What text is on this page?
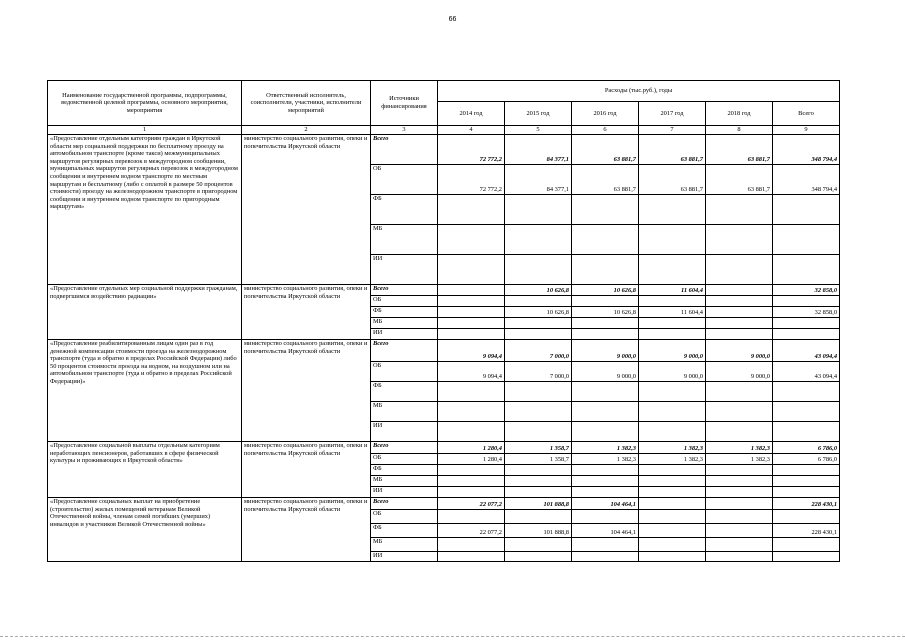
66
Наименование государственной программы, подпрограммы, ведомственной целевой программы, основного мероприятия, мероприятия	Ответственный исполнитель, соисполнители, участники, исполнители мероприятий	Источники финансирования	Расходы (тыс.руб.), годы					
			2014 год	2015 год	2016 год	2017 год	2018 год	Всего
1	2	3	4	5	6	7	8	9
«Предоставление отдельным категориям граждан в Иркутской области мер социальной поддержки по бесплатному проезду на автомобильном транспорте (кроме такси) межмуниципальных маршрутов регулярных перевозок в междугородном сообщении, муниципальных маршрутов регулярных перевозок в междугородном сообщении и внутреннем водном транспорте по местным маршрутам и бесплатному (либо с оплатой в размере 50 процентов стоимости) проезду на железнодорожном транспорте в пригородном сообщении и внутреннем водном транспорте по пригородным маршрутам»	министерство социального развития, опеки и попечительства Иркутской области	Всего	72 772,2	84 377,1	63 881,7	63 881,7	63 881,7	348 794,4
		ОБ	72 772,2	84 377,1	63 881,7	63 881,7	63 881,7	348 794,4
		ФБ						
		МБ						
		ИИ						
«Предоставление отдельных мер социальной поддержки гражданам, подвергшимся воздействию радиации»	министерство социального развития, опеки и попечительства Иркутской области	Всего		10 626,8	10 626,8	11 604,4		32 858,0
		ОБ						
		ФБ		10 626,8	10 626,8	11 604,4		32 858,0
		МБ						
		ИИ						
«Предоставление реабилитированным лицам один раз в год денежной компенсации стоимости проезда на железнодорожном транспорте (туда и обратно в пределах Российской Федерации) либо 50 процентов стоимости проезда на водном, на воздушном или на автомобильном транспорте (туда и обратно в пределах Российской Федерации)»	министерство социального развития, опеки и попечительства Иркутской области	Всего	9 094,4	7 000,0	9 000,0	9 000,0	9 000,0	43 094,4
		ОБ	9 094,4	7 000,0	9 000,0	9 000,0	9 000,0	43 094,4
		ФБ						
		МБ						
		ИИ						
«Предоставление социальной выплаты отдельным категориям неработающих пенсионеров, работавших в сфере физической культуры и проживающих в Иркутской области»	министерство социального развития, опеки и попечительства Иркутской области	Всего	1 280,4	1 358,7	1 382,3	1 382,3	1 382,3	6 786,0
		ОБ	1 280,4	1 358,7	1 382,3	1 382,3	1 382,3	6 786,0
		ФБ						
		МБ						
		ИИ						
«Предоставление социальных выплат на приобретение (строительство) жилых помещений ветеранам Великой Отечественной войны, членам семей погибших (умерших) инвалидов и участников Великой Отечественной войны»	министерство социального развития, опеки и попечительства Иркутской области	Всего	22 077,2	101 888,8	104 464,1			228 430,1
		ОБ						
		ФБ	22 077,2	101 888,8	104 464,1			228 430,1
		МБ						
		ИИ						
